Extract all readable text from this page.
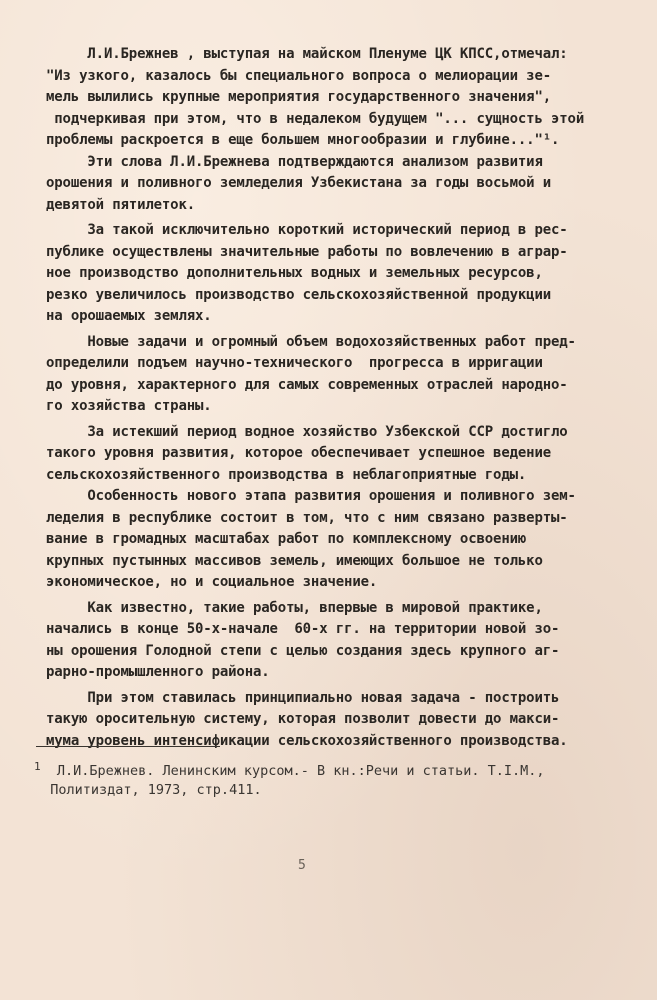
Л.И.Брежнев , выступая на майском Пленуме ЦК КПСС,отмечал:
"Из узкого, казалось бы специального вопроса о мелиорации зе-
мель вылились крупные мероприятия государственного значения",
подчеркивая при этом, что в недалеком будущем "... сущность этой
проблемы раскроется в еще большем многообразии и глубине..."¹.

Эти слова Л.И.Брежнева подтверждаются анализом развития
орошения и поливного земледелия Узбекистана за годы восьмой и
девятой пятилеток.

За такой исключительно короткий исторический период в рес-
публике осуществлены значительные работы по вовлечению в аграр-
ное производство дополнительных водных и земельных ресурсов,
резко увеличилось производство сельскохозяйственной продукции
на орошаемых землях.

Новые задачи и огромный объем водохозяйственных работ пред-
определили подъем научно-технического  прогресса в ирригации
до уровня, характерного для самых современных отраслей народно-
го хозяйства страны.

За истекший период водное хозяйство Узбекской ССР достигло
такого уровня развития, которое обеспечивает успешное ведение
сельскохозяйственного производства в неблагоприятные годы.

Особенность нового этапа развития орошения и поливного зем-
леделия в республике состоит в том, что с ним связано разверты-
вание в громадных масштабах работ по комплексному освоению
крупных пустынных массивов земель, имеющих большое не только
экономическое, но и социальное значение.

Как известно, такие работы, впервые в мировой практике,
начались в конце 50-х-начале  60-х гг. на территории новой зо-
ны орошения Голодной степи с целью создания здесь крупного аг-
рарно-промышленного района.

При этом ставилась принципиально новая задача - построить
такую оросительную систему, которая позволит довести до макси-
мума уровень интенсификации сельскохозяйственного производства.

$^1$  Л.И.Брежнев. Ленинским курсом.- В кн.:Речи и статьи. Т.I.М.,
Политиздат, 1973, стр.411.
5
